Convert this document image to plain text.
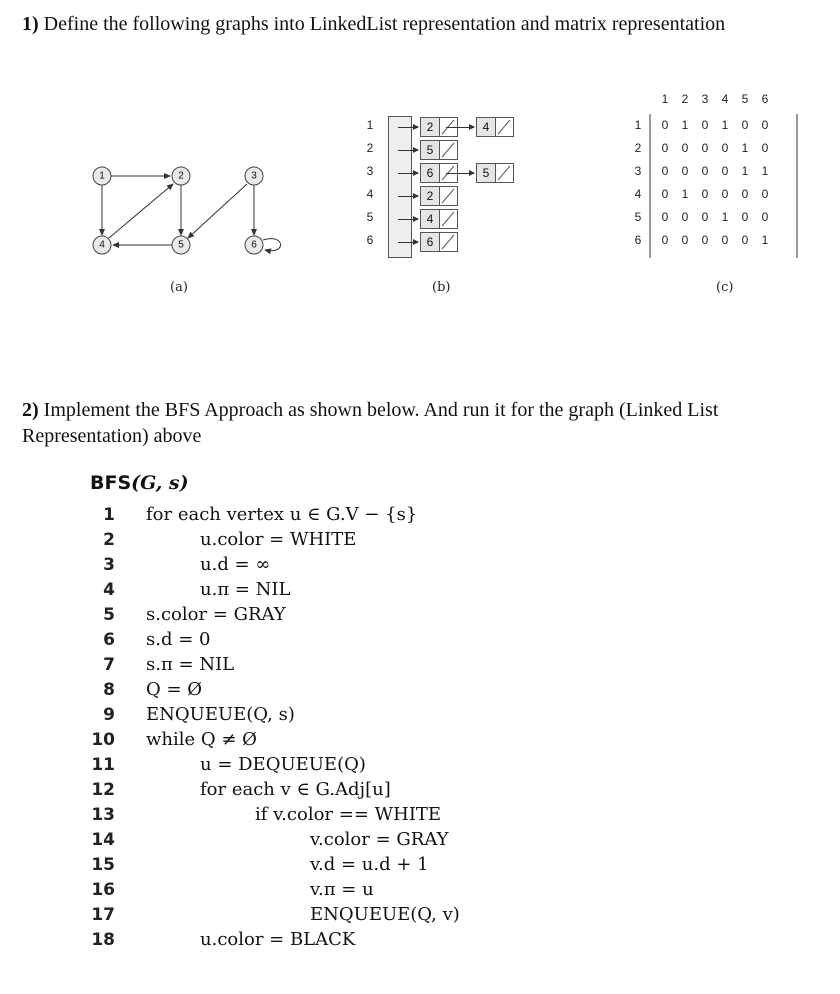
1) Define the following graphs into LinkedList representation and matrix representation
1	2	3
4	5	6
(a)
1	2	4
2	5
3	6	5
4	2
5	4
6	6
(b)
1	2	3	4	5	6
1	0	1	0	1	0	0
2	0	0	0	0	1	0
3	0	0	0	0	1	1
4	0	1	0	0	0	0
5	0	0	0	1	0	0
6	0	0	0	0	0	1
(c)
2) Implement the BFS Approach as shown below. And run it for the graph (Linked List Representation) above
BFS(G, s)
1 for each vertex u ∈ G.V − {s}
2	u.color = WHITE
3	u.d = ∞
4	u.π = NIL
5 s.color = GRAY
6 s.d = 0
7 s.π = NIL
8 Q = Ø
9 ENQUEUE(Q, s)
10 while Q ≠ Ø
11	u = DEQUEUE(Q)
12	for each v ∈ G.Adj[u]
13	if v.color == WHITE
14	v.color = GRAY
15	v.d = u.d + 1
16	v.π = u
17	ENQUEUE(Q, v)
18	u.color = BLACK
